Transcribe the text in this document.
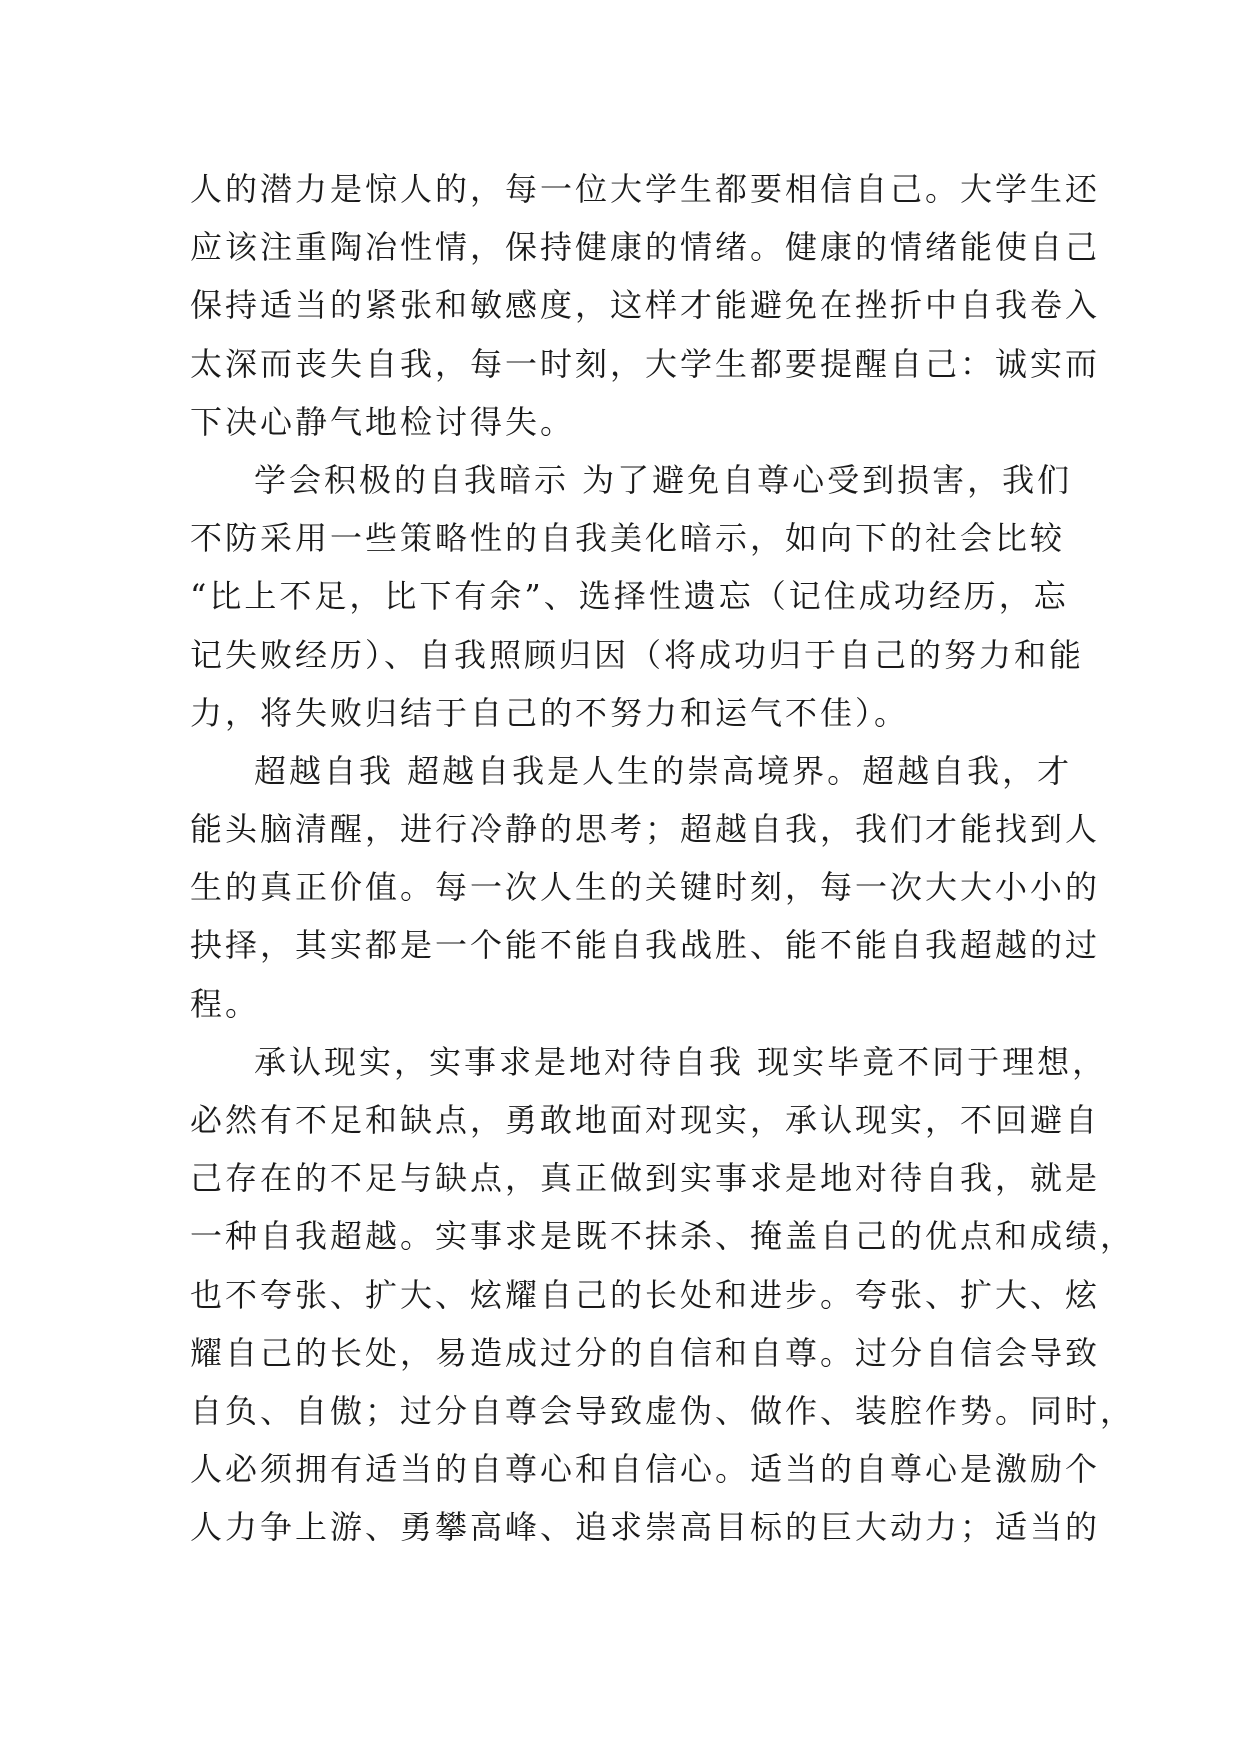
人的潜力是惊人的，每一位大学生都要相信自己。大学生还
应该注重陶冶性情，保持健康的情绪。健康的情绪能使自己
保持适当的紧张和敏感度，这样才能避免在挫折中自我卷入
太深而丧失自我，每一时刻，大学生都要提醒自己：诚实而
下决心静气地检讨得失。
学会积极的自我暗示 为了避免自尊心受到损害，我们
不防采用一些策略性的自我美化暗示，如向下的社会比较
“比上不足，比下有余”、选择性遗忘（记住成功经历，忘
记失败经历）、自我照顾归因（将成功归于自己的努力和能
力，将失败归结于自己的不努力和运气不佳）。
超越自我 超越自我是人生的崇高境界。超越自我，才
能头脑清醒，进行冷静的思考；超越自我，我们才能找到人
生的真正价值。每一次人生的关键时刻，每一次大大小小的
抉择，其实都是一个能不能自我战胜、能不能自我超越的过
程。
承认现实，实事求是地对待自我 现实毕竟不同于理想，
必然有不足和缺点，勇敢地面对现实，承认现实，不回避自
己存在的不足与缺点，真正做到实事求是地对待自我，就是
一种自我超越。实事求是既不抹杀、掩盖自己的优点和成绩，
也不夸张、扩大、炫耀自己的长处和进步。夸张、扩大、炫
耀自己的长处，易造成过分的自信和自尊。过分自信会导致
自负、自傲；过分自尊会导致虚伪、做作、装腔作势。同时，
人必须拥有适当的自尊心和自信心。适当的自尊心是激励个
人力争上游、勇攀高峰、追求崇高目标的巨大动力；适当的
